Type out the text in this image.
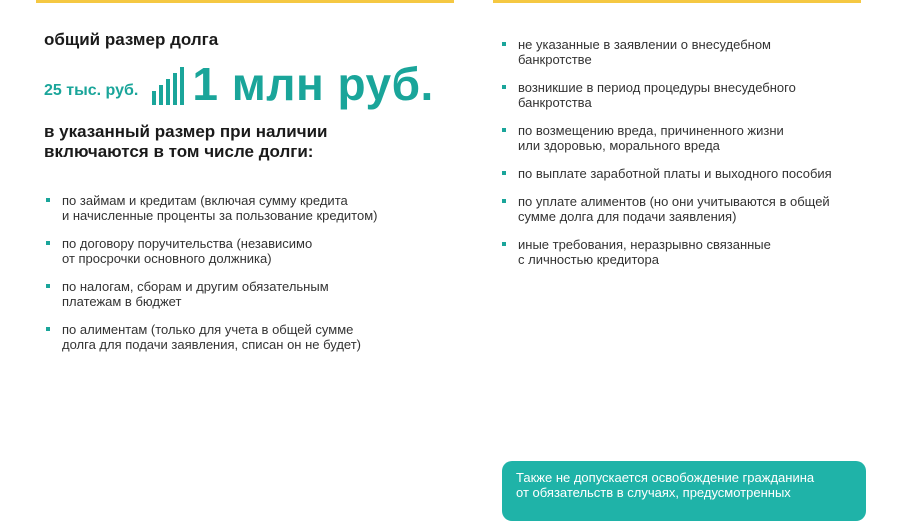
общий размер долга

25 тыс. руб. 1 млн руб.

в указанный размер при наличии
включаются в том числе долги:

по займам и кредитам (включая сумму кредита
и начисленные проценты за пользование кредитом)
по договору поручительства (независимо
от просрочки основного должника)
по налогам, сборам и другим обязательным
платежам в бюджет
по алиментам (только для учета в общей сумме
долга для подачи заявления, списан он не будет)
не указанные в заявлении о внесудебном
банкротстве
возникшие в период процедуры внесудебного
банкротства
по возмещению вреда, причиненного жизни
или здоровью, морального вреда
по выплате заработной платы и выходного пособия
по уплате алиментов (но они учитываются в общей
сумме долга для подачи заявления)
иные требования, неразрывно связанные
с личностью кредитора
Также не допускается освобождение гражданина
от обязательств в случаях, предусмотренных
